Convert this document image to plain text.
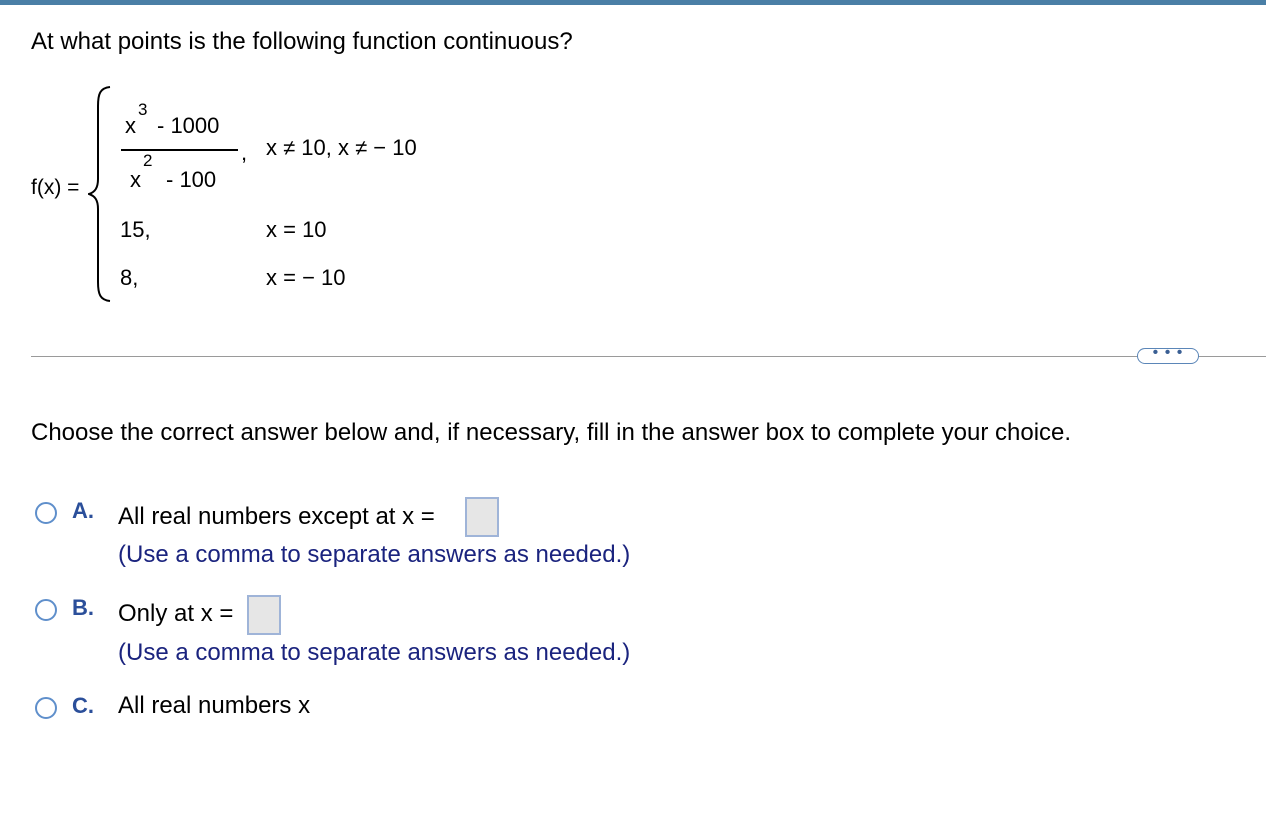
At what points is the following function continuous?
f(x) =
x
3
- 1000
x
2
- 100
, x ≠ 10, x ≠ − 10
15,	x = 10
8,	x = − 10
• • •
Choose the correct answer below and, if necessary, fill in the answer box to complete your choice.
A. All real numbers except at x =
(Use a comma to separate answers as needed.)
B. Only at x =
(Use a comma to separate answers as needed.)
C. All real numbers x
